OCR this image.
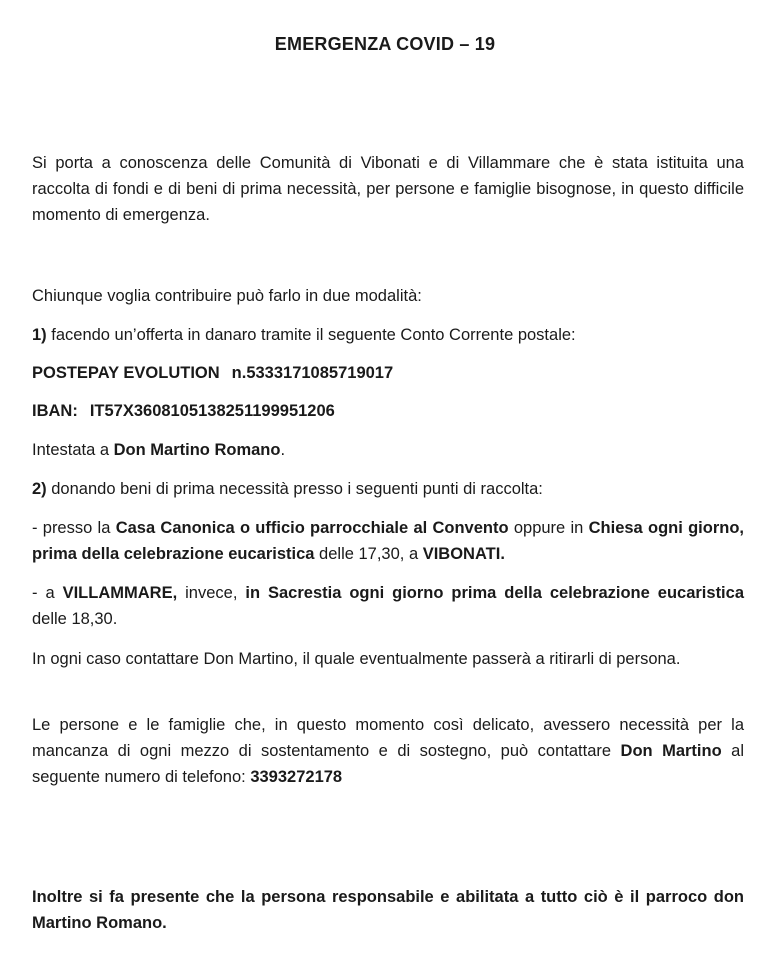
EMERGENZA COVID – 19
Si porta a conoscenza delle Comunità di Vibonati e di Villammare che è stata istituita una raccolta di fondi e di beni di prima necessità, per persone e famiglie bisognose, in questo difficile momento di emergenza.
Chiunque voglia contribuire può farlo in due modalità:
1) facendo un’offerta in danaro tramite il seguente Conto Corrente postale:
POSTEPAY EVOLUTION n.5333171085719017
IBAN: IT57X3608105138251199951206
Intestata a Don Martino Romano.
2) donando beni di prima necessità presso i seguenti punti di raccolta:
- presso la Casa Canonica o ufficio parrocchiale al Convento oppure in Chiesa ogni giorno, prima della celebrazione eucaristica delle 17,30, a VIBONATI.
- a VILLAMMARE, invece, in Sacrestia ogni giorno prima della celebrazione eucaristica delle 18,30.
In ogni caso contattare Don Martino, il quale eventualmente passerà a ritirarli di persona.
Le persone e le famiglie che, in questo momento così delicato, avessero necessità per la mancanza di ogni mezzo di sostentamento e di sostegno, può contattare Don Martino al seguente numero di telefono: 3393272178
Inoltre si fa presente che la persona responsabile e abilitata a tutto ciò è il parroco don Martino Romano.
